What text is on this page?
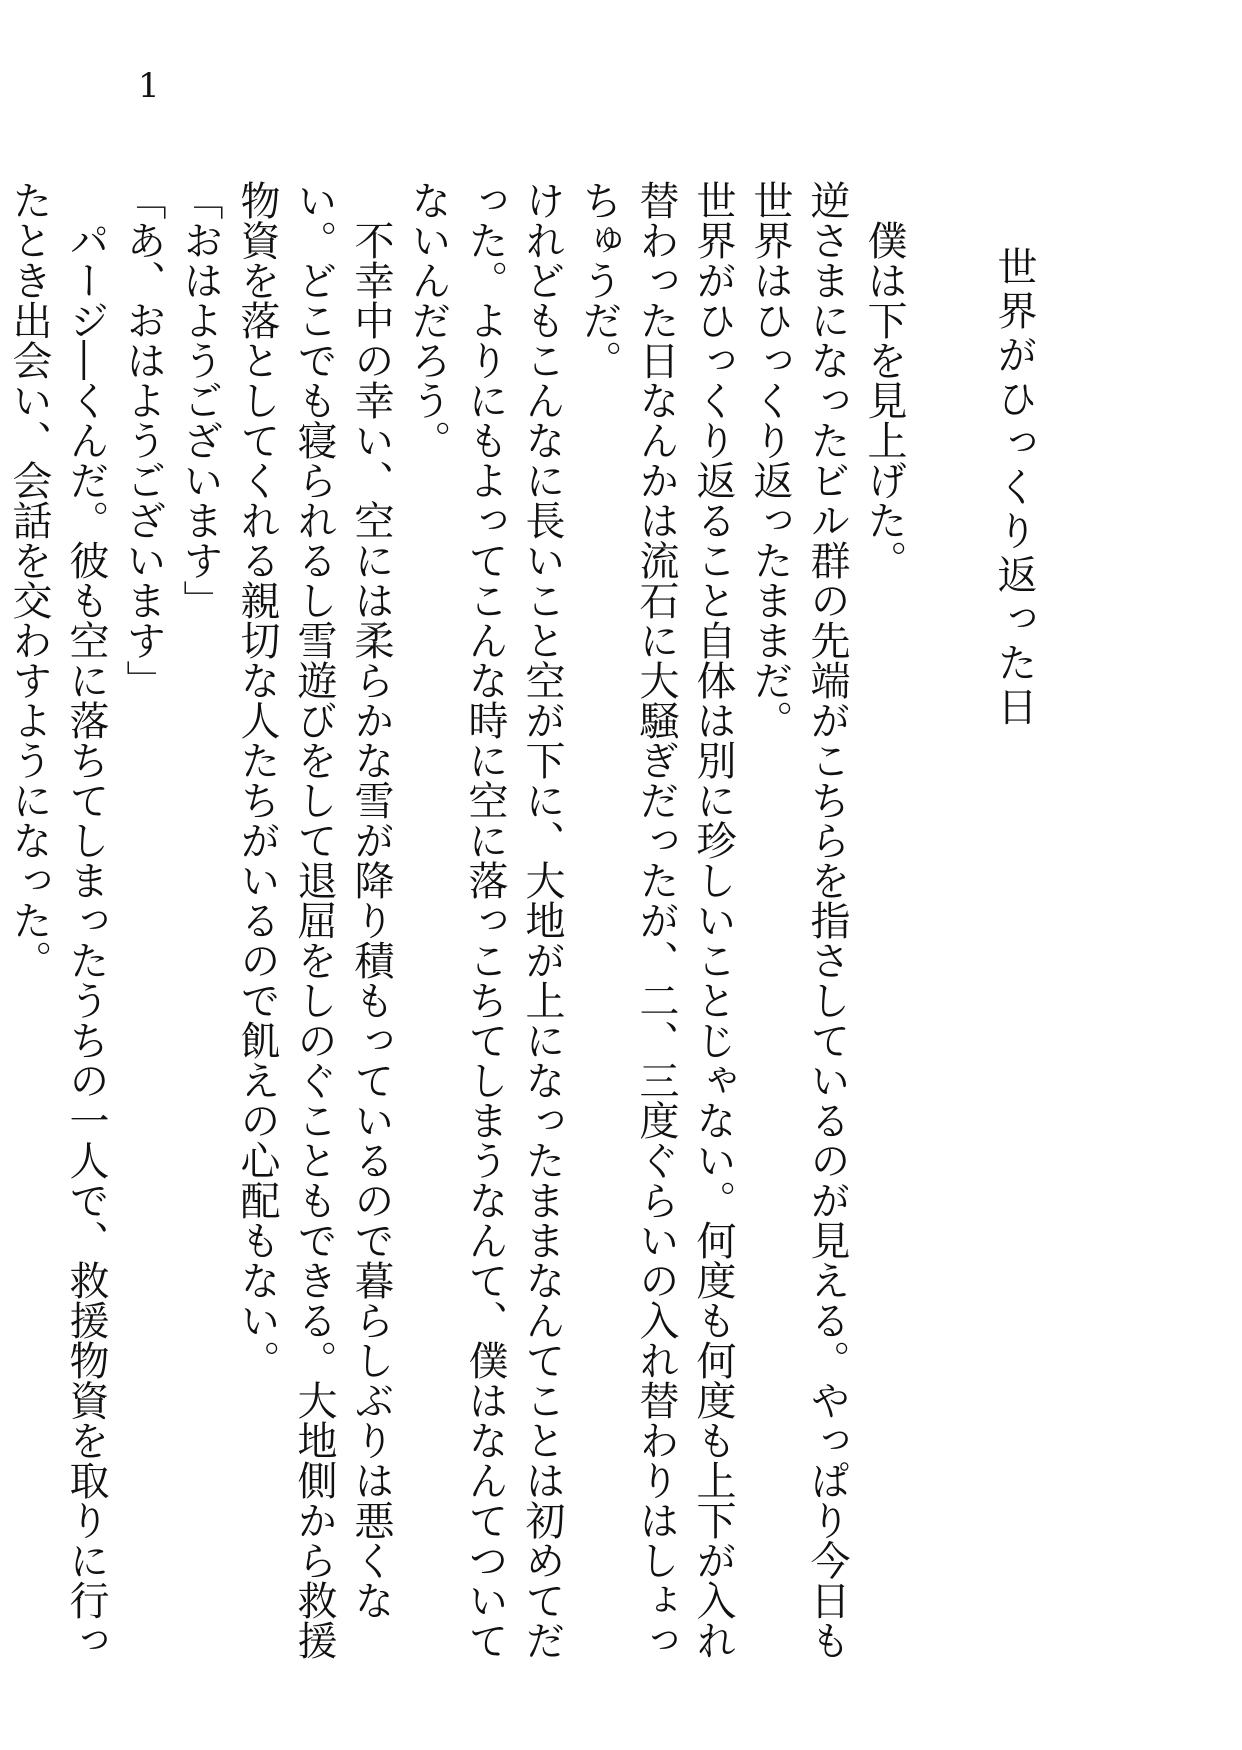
1
世界がひっくり返った日

　僕は下を見上げた。

逆さまになったビル群の先端がこちらを指さしているのが見える。やっぱり今日も世界はひっくり返ったままだ。

世界がひっくり返ること自体は別に珍しいことじゃない。何度も何度も上下が入れ替わった日なんかは流石に大騒ぎだったが、二、三度ぐらいの入れ替わりはしょっちゅうだ。

けれどもこんなに長いこと空が下に、大地が上になったままなんてことは初めてだった。よりにもよってこんな時に空に落っこちてしまうなんて、僕はなんてついてないんだろう。

　不幸中の幸い、空には柔らかな雪が降り積もっているので暮らしぶりは悪くない。どこでも寝られるし雪遊びをして退屈をしのぐこともできる。大地側から救援物資を落としてくれる親切な人たちがいるので飢えの心配もない。

「おはようございます」

「あ、おはようございます」

　パージ―くんだ。彼も空に落ちてしまったうちの一人で、救援物資を取りに行ったとき出会い、会話を交わすようになった。
